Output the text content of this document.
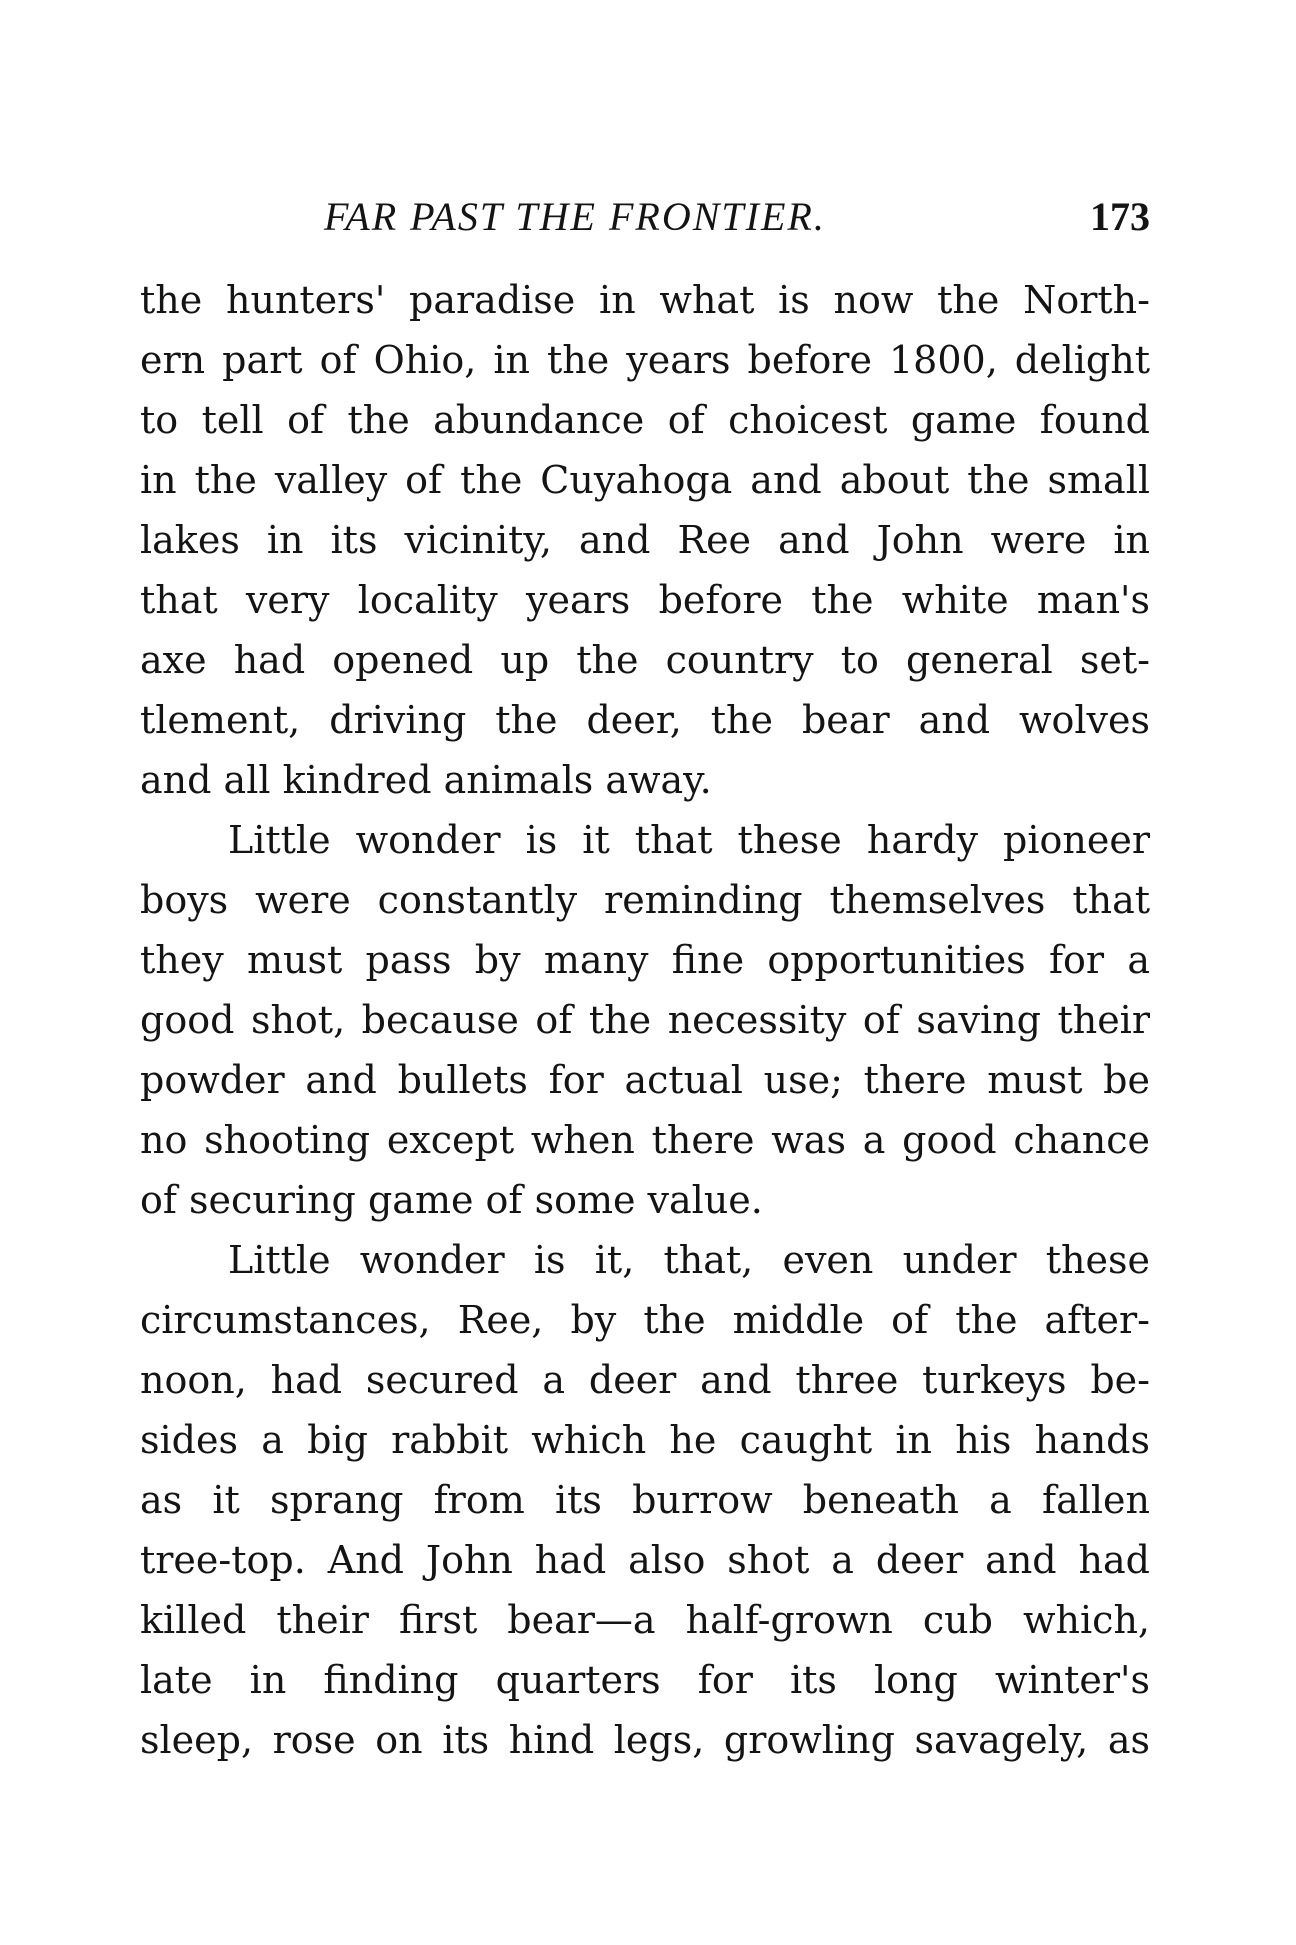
FAR PAST THE FRONTIER.	173
the hunters' paradise in what is now the North-
ern part of Ohio, in the years before 1800, delight
to tell of the abundance of choicest game found
in the valley of the Cuyahoga and about the small
lakes in its vicinity, and Ree and John were in
that very locality years before the white man's
axe had opened up the country to general set-
tlement, driving the deer, the bear and wolves
and all kindred animals away.
Little wonder is it that these hardy pioneer
boys were constantly reminding themselves that
they must pass by many fine opportunities for a
good shot, because of the necessity of saving their
powder and bullets for actual use; there must be
no shooting except when there was a good chance
of securing game of some value.
Little wonder is it, that, even under these
circumstances, Ree, by the middle of the after-
noon, had secured a deer and three turkeys be-
sides a big rabbit which he caught in his hands
as it sprang from its burrow beneath a fallen
tree-top. And John had also shot a deer and had
killed their first bear—a half-grown cub which,
late in finding quarters for its long winter's
sleep, rose on its hind legs, growling savagely, as
